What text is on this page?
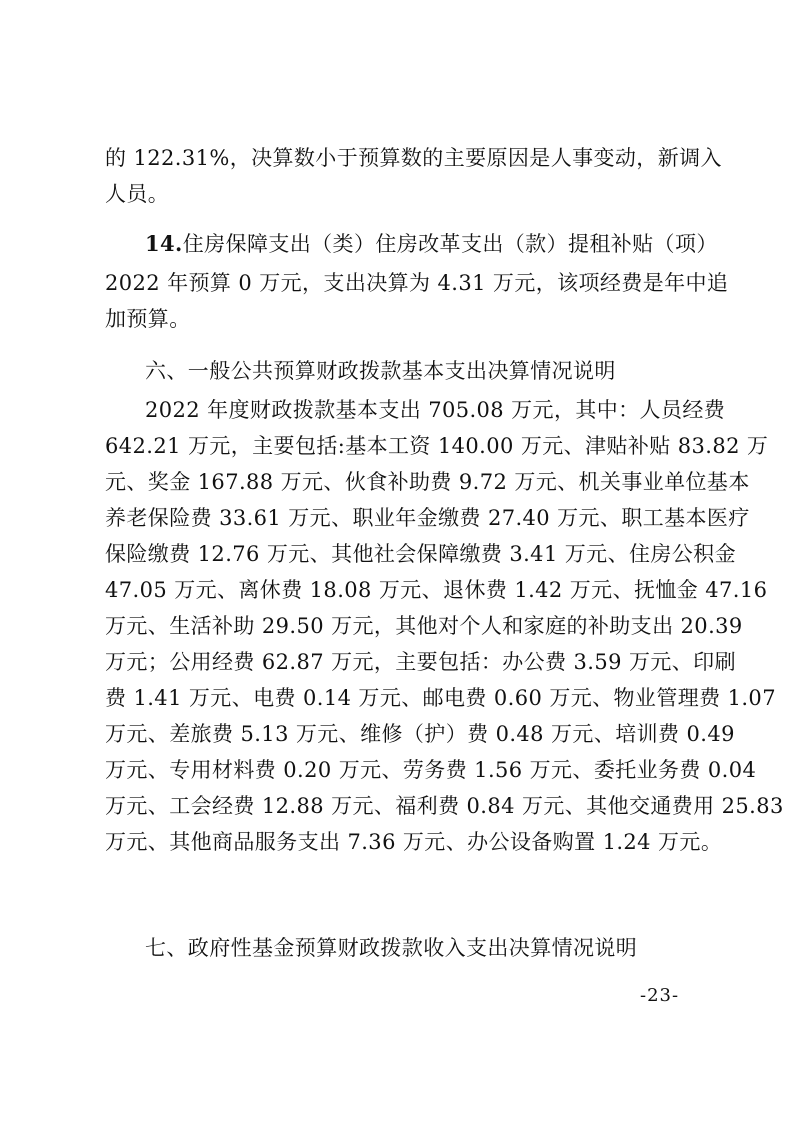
的 122.31%，决算数小于预算数的主要原因是人事变动，新调入
人员。
14.住房保障支出（类）住房改革支出（款）提租补贴（项）
2022 年预算 0 万元，支出决算为 4.31 万元，该项经费是年中追
加预算。
六、一般公共预算财政拨款基本支出决算情况说明
2022 年度财政拨款基本支出 705.08 万元，其中：人员经费
642.21 万元，主要包括:基本工资 140.00 万元、津贴补贴 83.82 万
元、奖金 167.88 万元、伙食补助费 9.72 万元、机关事业单位基本
养老保险费 33.61 万元、职业年金缴费 27.40 万元、职工基本医疗
保险缴费 12.76 万元、其他社会保障缴费 3.41 万元、住房公积金
47.05 万元、离休费 18.08 万元、退休费 1.42 万元、抚恤金 47.16
万元、生活补助 29.50 万元，其他对个人和家庭的补助支出 20.39
万元；公用经费 62.87 万元，主要包括：办公费 3.59 万元、印刷
费 1.41 万元、电费 0.14 万元、邮电费 0.60 万元、物业管理费 1.07
万元、差旅费 5.13 万元、维修（护）费 0.48 万元、培训费 0.49
万元、专用材料费 0.20 万元、劳务费 1.56 万元、委托业务费 0.04
万元、工会经费 12.88 万元、福利费 0.84 万元、其他交通费用 25.83
万元、其他商品服务支出 7.36 万元、办公设备购置 1.24 万元。
七、政府性基金预算财政拨款收入支出决算情况说明
-23-
